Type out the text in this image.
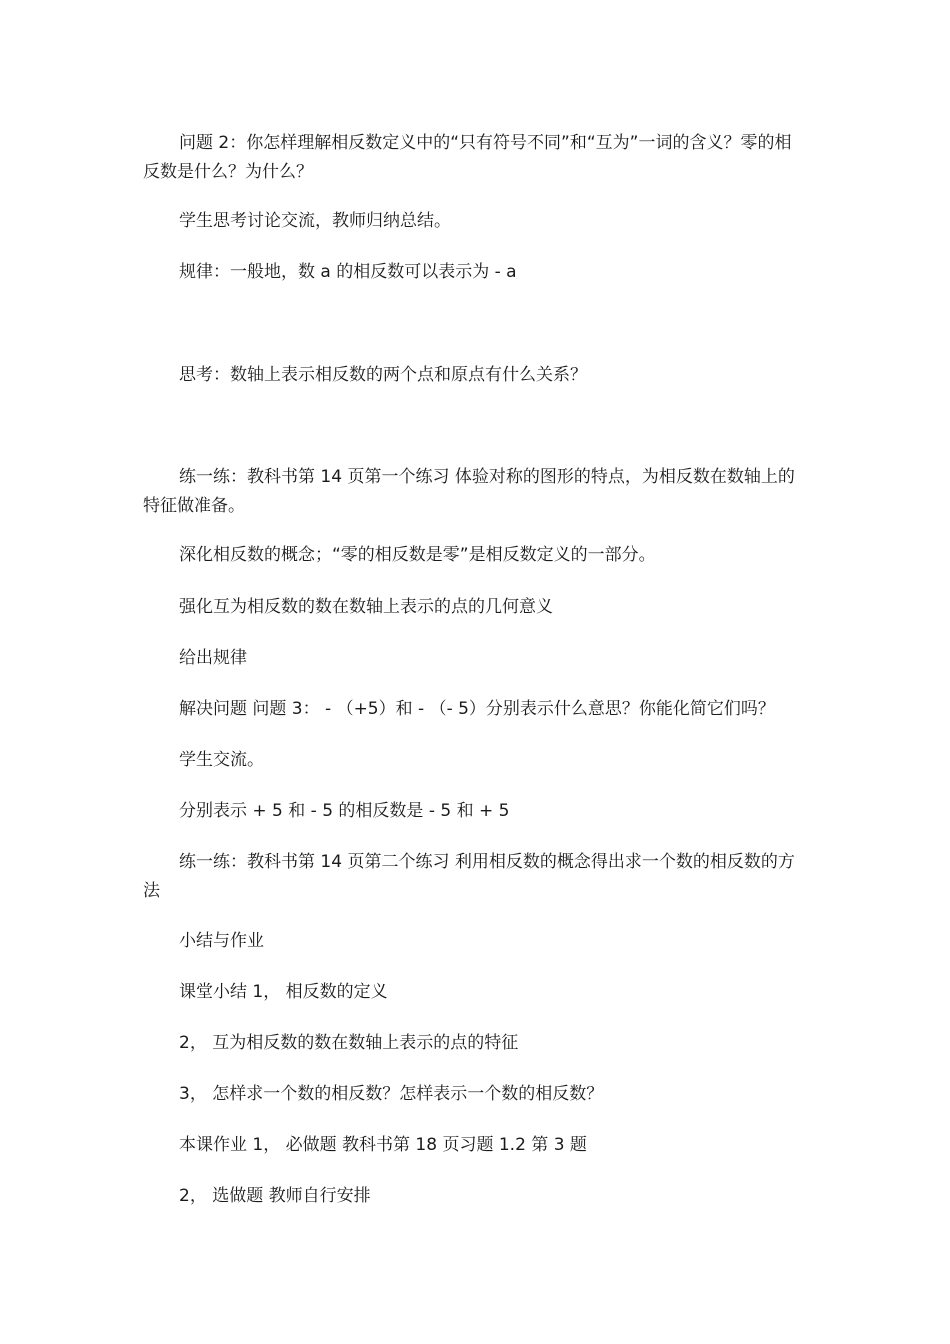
问题 2：你怎样理解相反数定义中的“只有符号不同”和“互为”一词的含义？零的相反数是什么？为什么？

学生思考讨论交流，教师归纳总结。

规律：一般地，数 a 的相反数可以表示为 - a

思考：数轴上表示相反数的两个点和原点有什么关系？

练一练：教科书第 14 页第一个练习 体验对称的图形的特点，为相反数在数轴上的特征做准备。

深化相反数的概念；“零的相反数是零”是相反数定义的一部分。

强化互为相反数的数在数轴上表示的点的几何意义

给出规律

解决问题 问题 3： - （+5）和 - （- 5）分别表示什么意思？你能化简它们吗？

学生交流。

分别表示 + 5 和 - 5 的相反数是 - 5 和 + 5

练一练：教科书第 14 页第二个练习 利用相反数的概念得出求一个数的相反数的方法

小结与作业

课堂小结 1， 相反数的定义

2， 互为相反数的数在数轴上表示的点的特征

3， 怎样求一个数的相反数？怎样表示一个数的相反数？

本课作业 1， 必做题 教科书第 18 页习题 1.2 第 3 题

2， 选做题 教师自行安排
